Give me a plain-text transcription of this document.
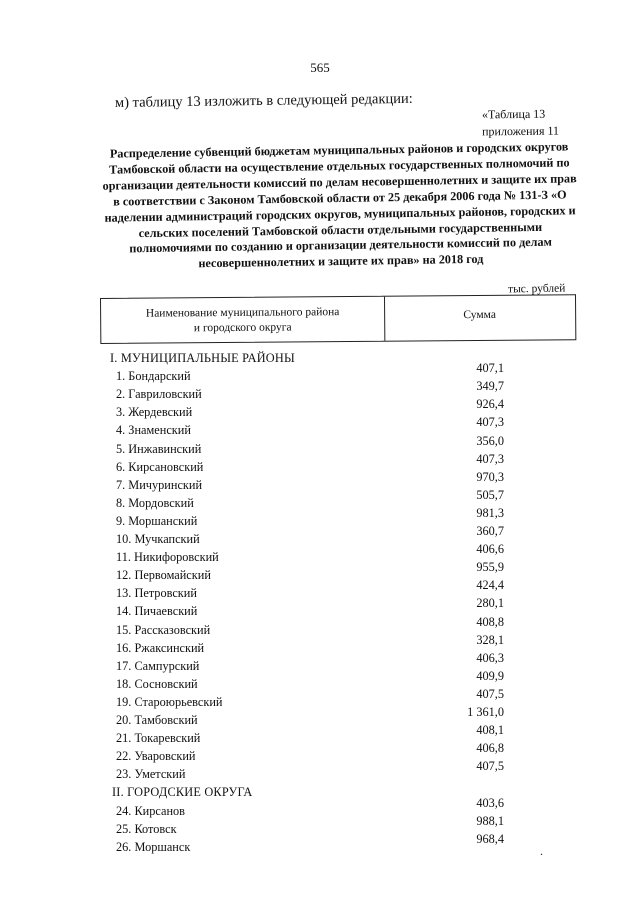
565
м) таблицу 13 изложить в следующей редакции:
«Таблица 13
приложения 11
Распределение субвенций бюджетам муниципальных районов и городских округов Тамбовской области на осуществление отдельных государственных полномочий по организации деятельности комиссий по делам несовершеннолетних и защите их прав в соответствии с Законом Тамбовской области от 25 декабря 2006 года № 131-З «О наделении администраций городских округов, муниципальных районов, городских и сельских поселений Тамбовской области отдельными государственными полномочиями по созданию и организации деятельности комиссий по делам несовершеннолетних и защите их прав» на 2018 год
тыс. рублей
Наименование муниципального района
и городского округа
Сумма
I. МУНИЦИПАЛЬНЫЕ РАЙОНЫ
1. Бондарский
407,1
2. Гавриловский
349,7
3. Жердевский
926,4
4. Знаменский
407,3
5. Инжавинский
356,0
6. Кирсановский
407,3
7. Мичуринский
970,3
8. Мордовский
505,7
9. Моршанский
981,3
10. Мучкапский
360,7
11. Никифоровский
406,6
12. Первомайский
955,9
13. Петровский
424,4
14. Пичаевский
280,1
15. Рассказовский
408,8
16. Ржаксинский
328,1
17. Сампурский
406,3
18. Сосновский
409,9
19. Староюрьевский
407,5
20. Тамбовский
1 361,0
21. Токаревский
408,1
22. Уваровский
406,8
23. Уметский
407,5
II. ГОРОДСКИЕ ОКРУГА
24. Кирсанов
403,6
25. Котовск
988,1
26. Моршанск
968,4
.
